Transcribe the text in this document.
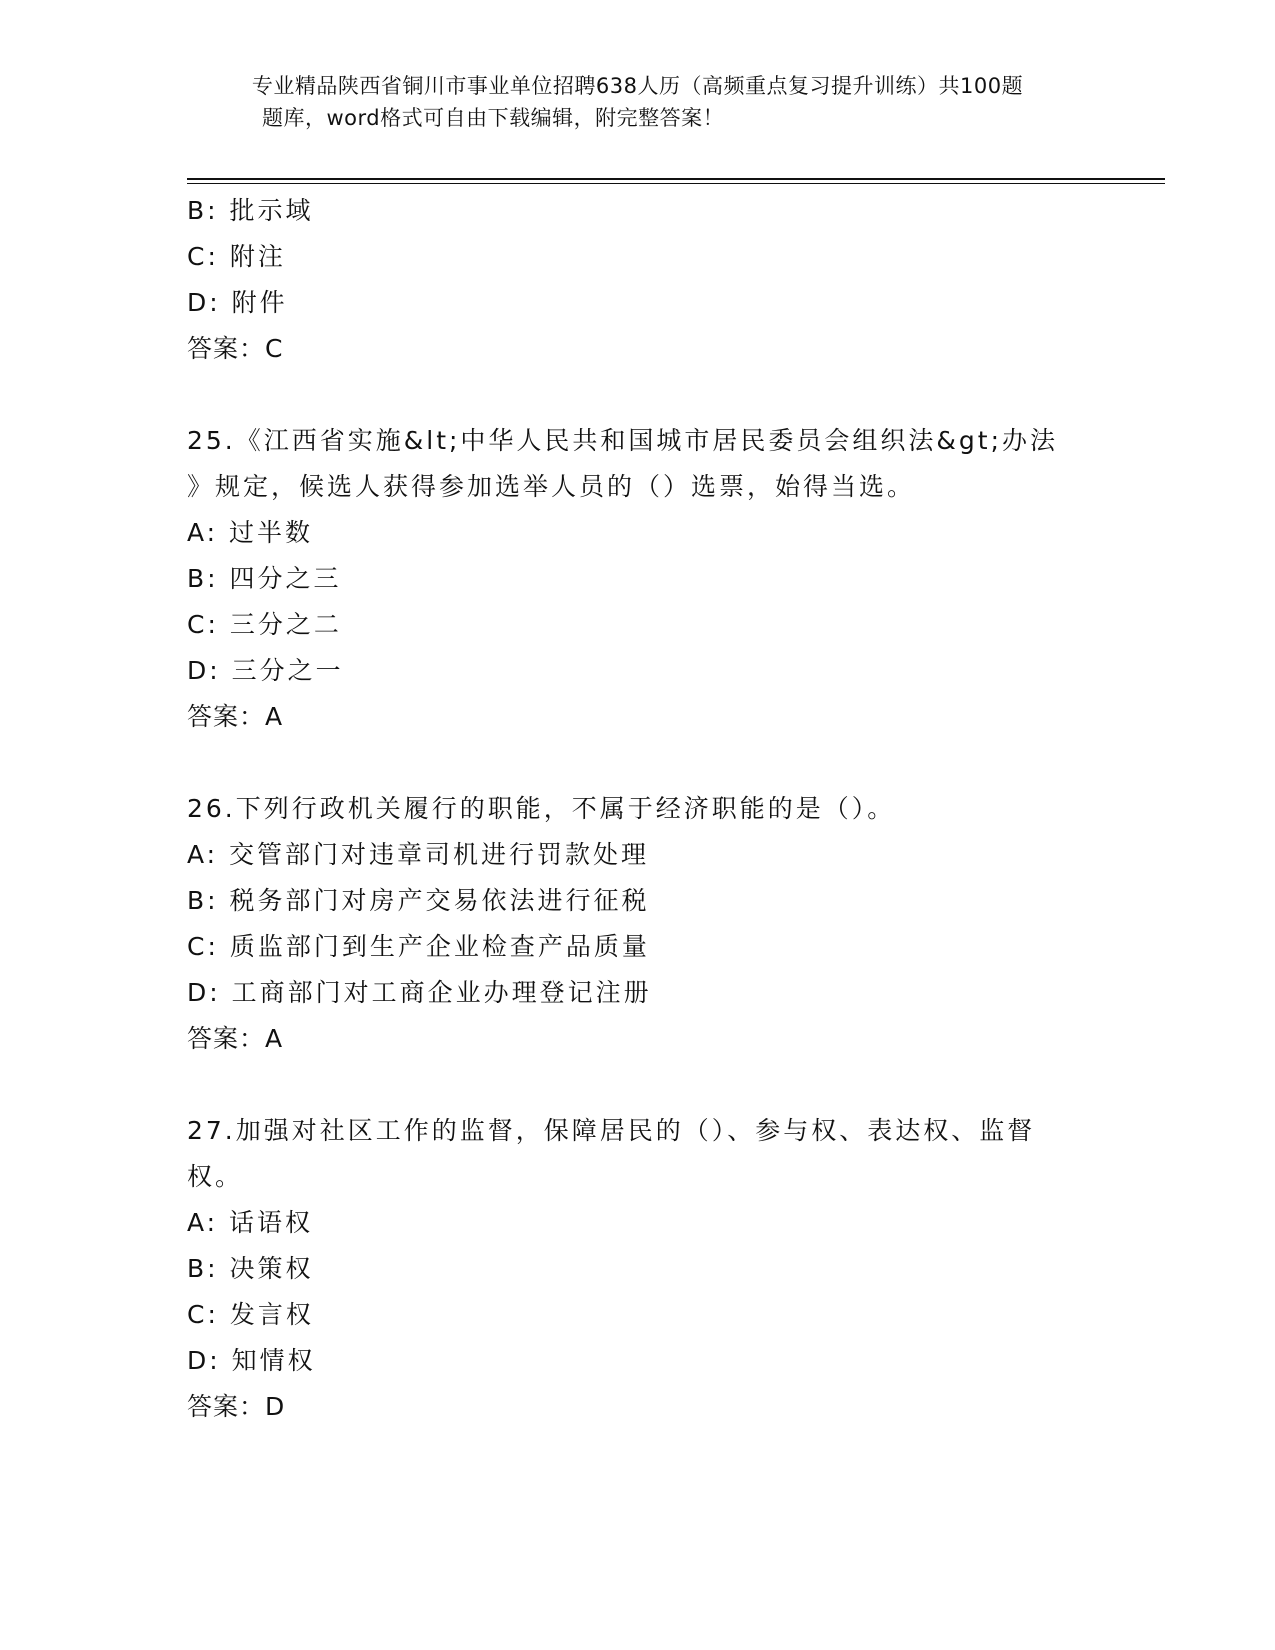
专业精品陕西省铜川市事业单位招聘638人历（高频重点复习提升训练）共100题
题库，word格式可自由下载编辑，附完整答案！
B: 批示域
C: 附注
D: 附件
答案：C
25.《江西省实施&lt;中华人民共和国城市居民委员会组织法&gt;办法
》规定，候选人获得参加选举人员的（）选票，始得当选。
A: 过半数
B: 四分之三
C: 三分之二
D: 三分之一
答案：A
26.下列行政机关履行的职能，不属于经济职能的是（）。
A: 交管部门对违章司机进行罚款处理
B: 税务部门对房产交易依法进行征税
C: 质监部门到生产企业检查产品质量
D: 工商部门对工商企业办理登记注册
答案：A
27.加强对社区工作的监督，保障居民的（）、参与权、表达权、监督
权。
A: 话语权
B: 决策权
C: 发言权
D: 知情权
答案：D
